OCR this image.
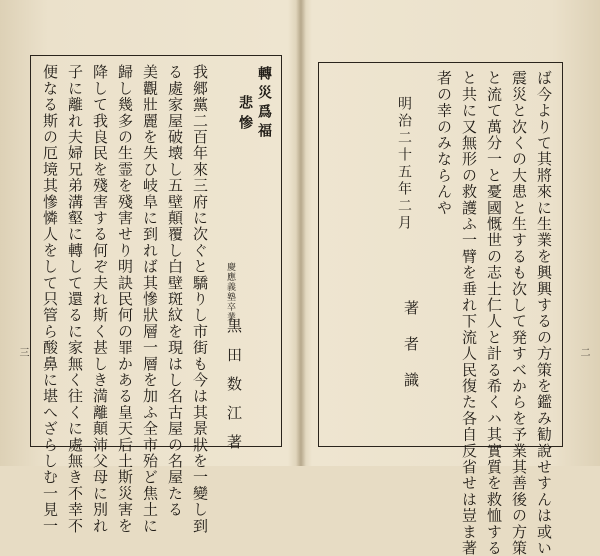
轉災爲福
悲惨
慶應義塾卒業
黒田数江著
我郷黨二百年來三府に次ぐと驕りし市街も今は其景狀を一變し到
る處家屋破壊し五壁顛覆し白壁斑紋を現はし名古屋の名屋たる
美觀壯麗を失ひ岐阜に到れば其慘狀層一層を加ふ全市殆ど焦土に
歸し幾多の生霊を殘害せり明訣民何の罪かある皇天后土斯災害を
降して我良民を殘害する何ぞ夫れ斯く甚しき満離顛沛父母に別れ
子に離れ夫婦兄弟溝壑に轉して還るに家無く往くに處無き不幸不
便なる斯の厄境其慘憐人をして只管ら酸鼻に堪へざらしむ一見一
三	ば今よりて其將來に生業を興興するの方策を鑑み勧說せすんは或い
震災と次くの大患と生するも次して発すべからを予業其善後の方策
と流て萬分一と憂國慨世の志士仁人と計る希くハ其實質を救恤する
と共に又無形の救護ふ一臂を垂れ下流人民復た各自反省せは豈ま著
者の幸のみならんや
明治二十五年二月
著
者
識
二
